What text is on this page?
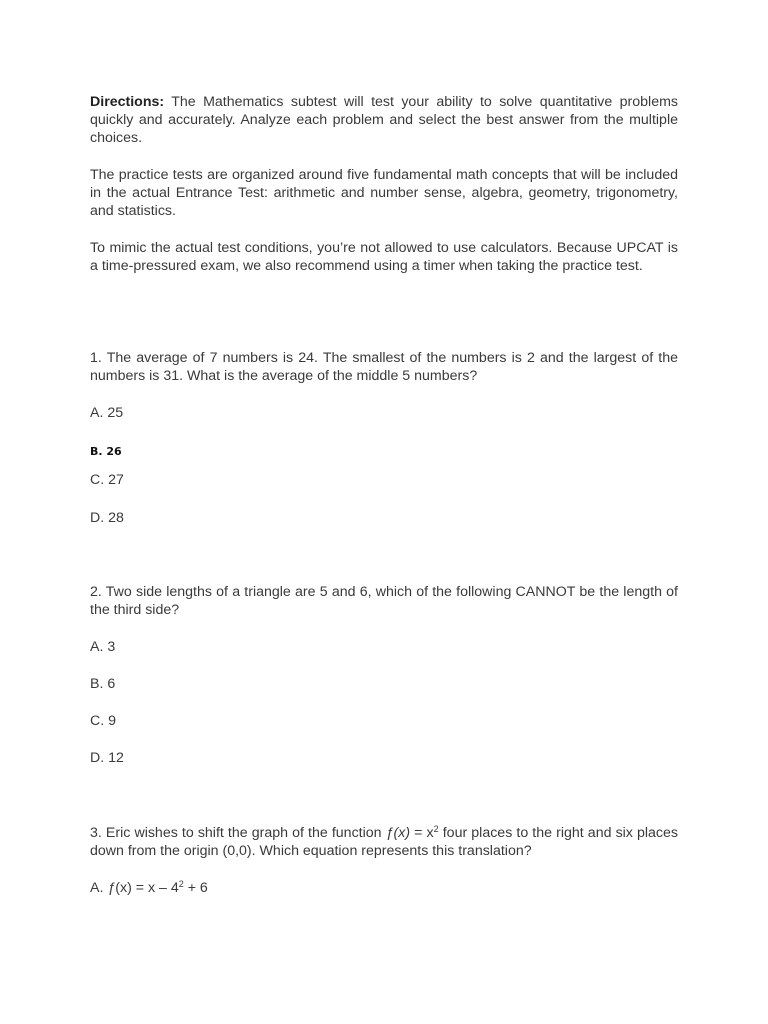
Directions: The Mathematics subtest will test your ability to solve quantitative problems quickly and accurately. Analyze each problem and select the best answer from the multiple choices.

The practice tests are organized around five fundamental math concepts that will be included in the actual Entrance Test: arithmetic and number sense, algebra, geometry, trigonometry, and statistics.

To mimic the actual test conditions, you’re not allowed to use calculators. Because UPCAT is a time-pressured exam, we also recommend using a timer when taking the practice test.

1. The average of 7 numbers is 24. The smallest of the numbers is 2 and the largest of the numbers is 31. What is the average of the middle 5 numbers?

A. 25

B. 26

C. 27

D. 28

2. Two side lengths of a triangle are 5 and 6, which of the following CANNOT be the length of the third side?

A. 3

B. 6

C. 9

D. 12

3. Eric wishes to shift the graph of the function ƒ(x) = $x^2$ four places to the right and six places down from the origin (0,0). Which equation represents this translation?

A. ƒ(x) = $x - 4^2 + 6$
